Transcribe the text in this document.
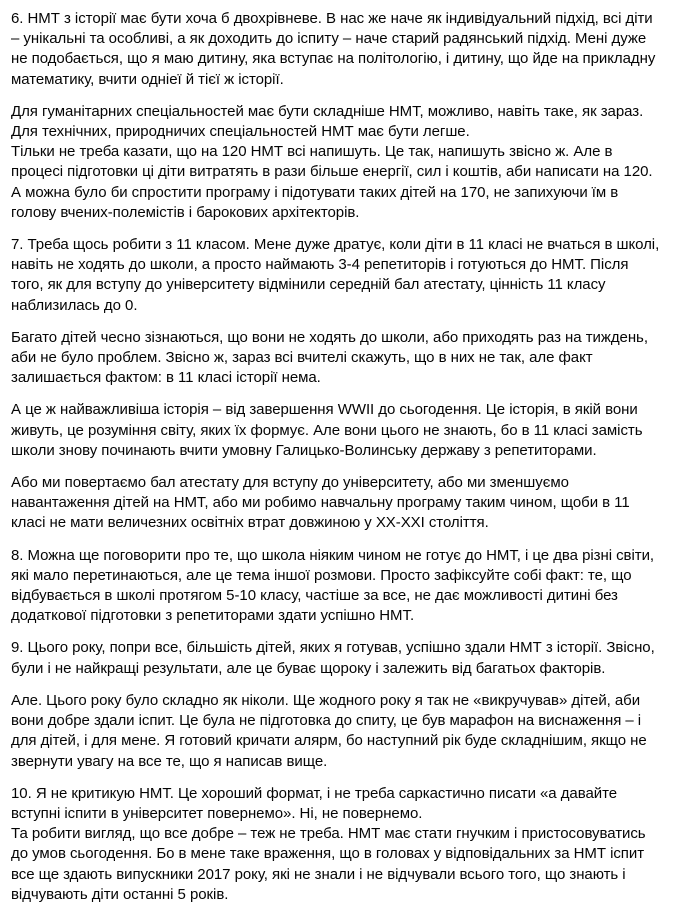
6. НМТ з історії має бути хоча б двохрівневе. В нас же наче як індивідуальний підхід, всі діти
– унікальні та особливі, а як доходить до іспиту – наче старий радянський підхід. Мені дуже
не подобається, що я маю дитину, яка вступає на політологію, і дитину, що йде на прикладну
математику, вчити одніеї й тієї ж історії.

Для гуманітарних спеціальностей має бути складніше НМТ, можливо, навіть таке, як зараз.
Для технічних, природничих спеціальностей НМТ має бути легше.
Тільки не треба казати, що на 120 НМТ всі напишуть. Це так, напишуть звісно ж. Але в
процесі підготовки ці діти витратять в рази більше енергії, сил і коштів, аби написати на 120.
А можна було би спростити програму і підотувати таких дітей на 170, не запихуючи їм в
голову вчених-полемістів і барокових архітекторів.

7. Треба щось робити з 11 класом. Мене дуже дратує, коли діти в 11 класі не вчаться в школі,
навіть не ходять до школи, а просто наймають 3-4 репетиторів і готуються до НМТ. Після
того, як для вступу до університету відмінили середній бал атестату, цінність 11 класу
наблизилась до 0.

Багато дітей чесно зізнаються, що вони не ходять до школи, або приходять раз на тиждень,
аби не було проблем. Звісно ж, зараз всі вчителі скажуть, що в них не так, але факт
залишається фактом: в 11 класі історії нема.

А це ж найважливіша історія – від завершення WWII до сьогодення. Це історія, в якій вони
живуть, це розуміння світу, яких їх формує. Але вони цього не знають, бо в 11 класі замість
школи знову починають вчити умовну Галицько-Волинську державу з репетиторами.

Або ми повертаємо бал атестату для вступу до університету, або ми зменшуємо
навантаження дітей на НМТ, або ми робимо навчальну програму таким чином, щоби в 11
класі не мати величезних освітніх втрат довжиною у XX-XXI століття.

8. Можна ще поговорити про те, що школа ніяким чином не готує до НМТ, і це два різні світи,
які мало перетинаються, але це тема іншої розмови. Просто зафіксуйте собі факт: те, що
відбувається в школі протягом 5-10 класу, частіше за все, не дає можливості дитині без
додаткової підготовки з репетиторами здати успішно НМТ.

9. Цього року, попри все, більшість дітей, яких я готував, успішно здали НМТ з історії. Звісно,
були і не найкращі результати, але це буває щороку і залежить від багатьох факторів.

Але. Цього року було складно як ніколи. Ще жодного року я так не «викручував» дітей, аби
вони добре здали іспит. Це була не підготовка до спиту, це був марафон на виснаження – і
для дітей, і для мене. Я готовий кричати алярм, бо наступний рік буде складнішим, якщо не
звернути увагу на все те, що я написав вище.

10. Я не критикую НМТ. Це хороший формат, і не треба саркастично писати «а давайте
вступні іспити в університет повернемо». Ні, не повернемо.
Та робити вигляд, що все добре – теж не треба. НМТ має стати гнучким і пристосовуватись
до умов сьогодення. Бо в мене таке враження, що в головах у відповідальних за НМТ іспит
все ще здають випускники 2017 року, які не знали і не відчували всього того, що знають і
відчувають діти останні 5 років.
